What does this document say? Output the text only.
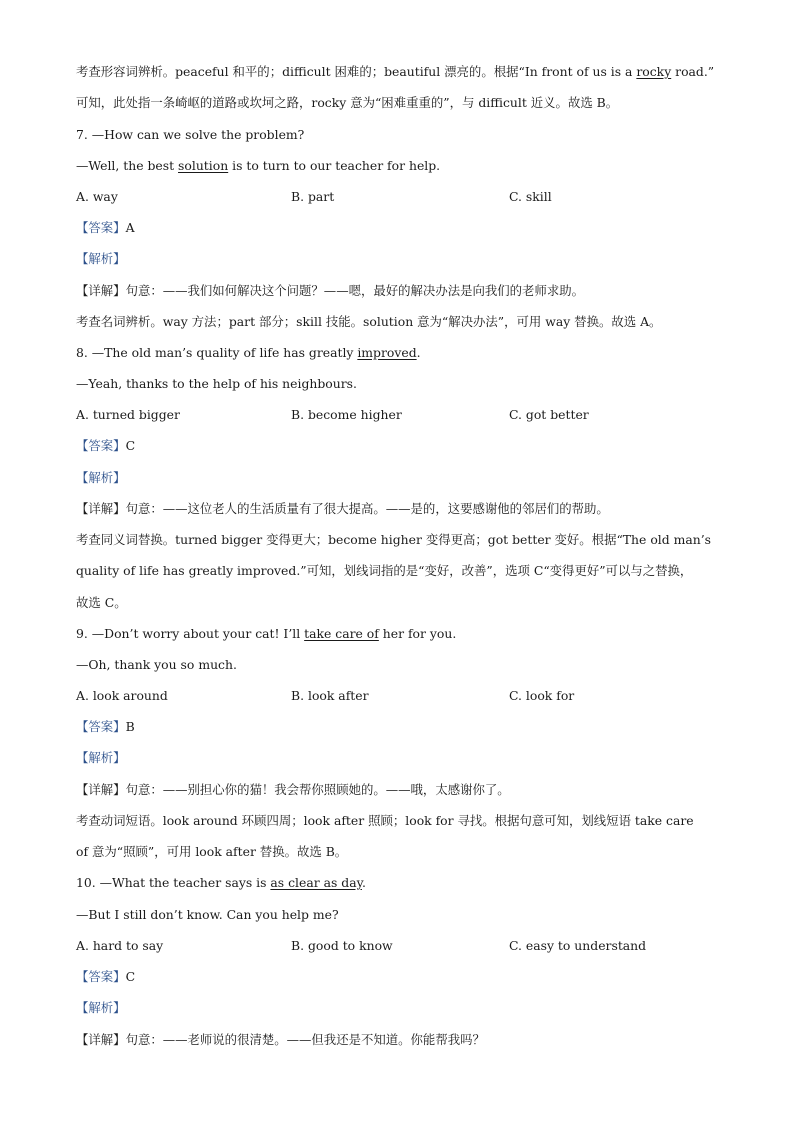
考查形容词辨析。peaceful 和平的；difficult 困难的；beautiful 漂亮的。根据“In front of us is a rocky road.”
可知，此处指一条崎岖的道路或坎坷之路，rocky 意为“困难重重的”，与 difficult 近义。故选 B。
7. —How can we solve the problem?
—Well, the best solution is to turn to our teacher for help.
A. way	B. part	C. skill
【答案】A
【解析】
【详解】句意：——我们如何解决这个问题？——嗯，最好的解决办法是向我们的老师求助。
考查名词辨析。way 方法；part 部分；skill 技能。solution 意为“解决办法”，可用 way 替换。故选 A。
8. —The old man’s quality of life has greatly improved.
—Yeah, thanks to the help of his neighbours.
A. turned bigger	B. become higher	C. got better
【答案】C
【解析】
【详解】句意：——这位老人的生活质量有了很大提高。——是的，这要感谢他的邻居们的帮助。
考查同义词替换。turned bigger 变得更大；become higher 变得更高；got better 变好。根据“The old man’s
quality of life has greatly improved.”可知，划线词指的是“变好，改善”，选项 C“变得更好”可以与之替换，
故选 C。
9. —Don’t worry about your cat! I’ll take care of her for you.
—Oh, thank you so much.
A. look around	B. look after	C. look for
【答案】B
【解析】
【详解】句意：——别担心你的猫！我会帮你照顾她的。——哦，太感谢你了。
考查动词短语。look around 环顾四周；look after 照顾；look for 寻找。根据句意可知，划线短语 take care
of 意为“照顾”，可用 look after 替换。故选 B。
10. —What the teacher says is as clear as day.
—But I still don’t know. Can you help me?
A. hard to say	B. good to know	C. easy to understand
【答案】C
【解析】
【详解】句意：——老师说的很清楚。——但我还是不知道。你能帮我吗？
